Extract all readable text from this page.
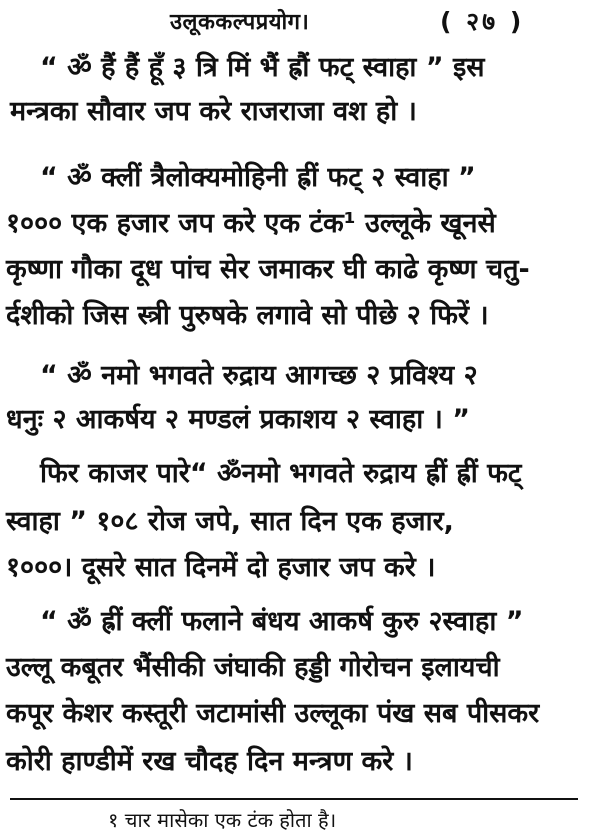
उलूककल्पप्रयोग।	( २७ )
“ ॐ हैं हैं हूँ ३ त्रि मिं भैं ह्रौं फट् स्वाहा ” इस
मन्त्रका सौवार जप करे राजराजा वश हो ।
“ ॐ क्लीं त्रैलोक्यमोहिनी ह्रीं फट् २ स्वाहा ”
१००० एक हजार जप करे एक टंक¹ उल्लूके खूनसे
कृष्णा गौका दूध पांच सेर जमाकर घी काढे कृष्ण चतु-
र्दशीको जिस स्त्री पुरुषके लगावे सो पीछे २ फिरें ।
“ ॐ नमो भगवते रुद्राय आगच्छ २ प्रविश्य २
धनुः २ आकर्षय २ मण्डलं प्रकाशय २ स्वाहा । ”
फिर काजर पारे“ ॐनमो भगवते रुद्राय ह्रीं ह्रीं फट्
स्वाहा ” १०८ रोज जपे, सात दिन एक हजार,
१०००। दूसरे सात दिनमें दो हजार जप करे ।
“ ॐ ह्रीं क्लीं फलाने बंधय आकर्ष कुरु २स्वाहा ”
उल्लू कबूतर भैंसीकी जंघाकी हड्डी गोरोचन इलायची
कपूर केशर कस्तूरी जटामांसी उल्लूका पंख सब पीसकर
कोरी हाण्डीमें रख चौदह दिन मन्त्रण करे ।
१ चार मासेका एक टंक होता है।
